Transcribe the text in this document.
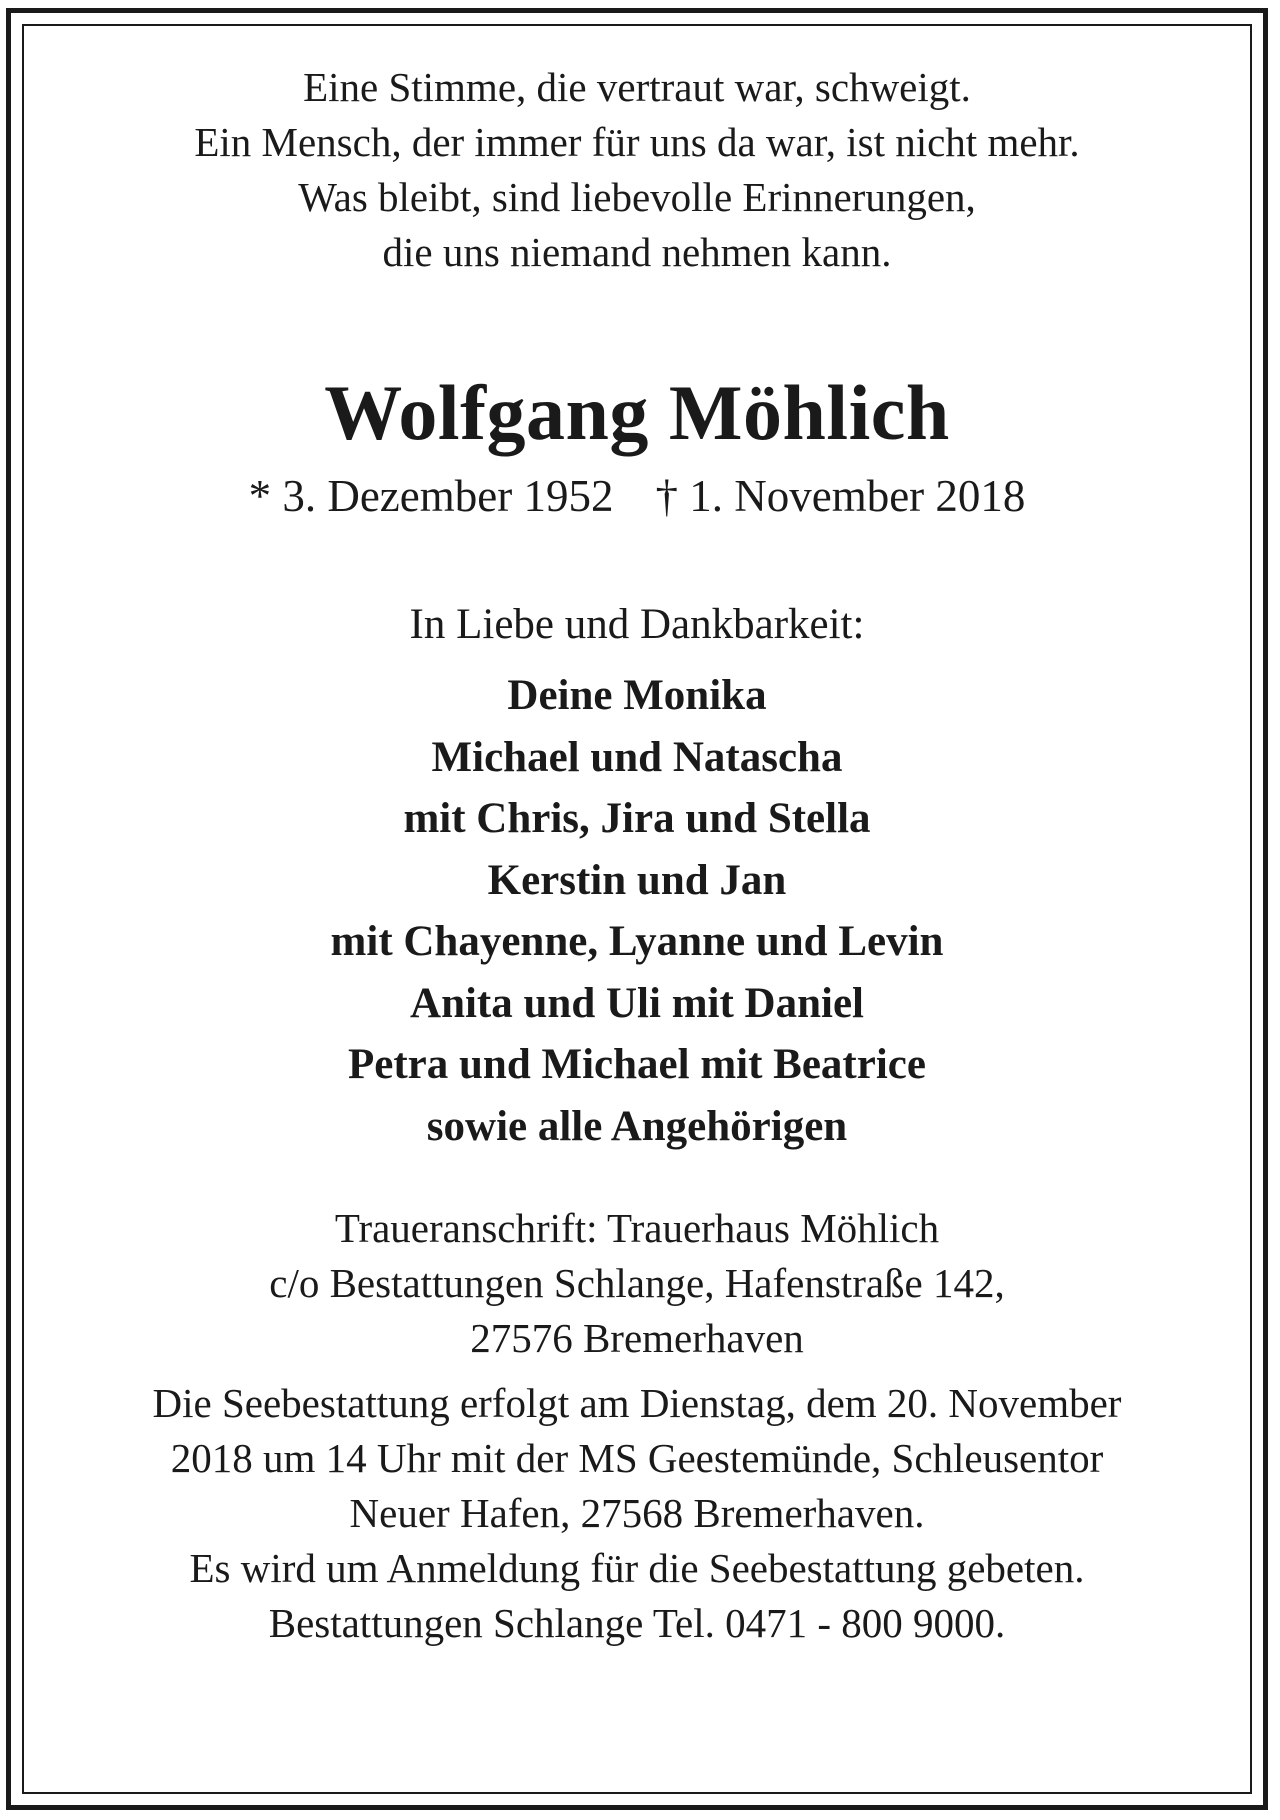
Eine Stimme, die vertraut war, schweigt.
Ein Mensch, der immer für uns da war, ist nicht mehr.
Was bleibt, sind liebevolle Erinnerungen,
die uns niemand nehmen kann.
Wolfgang Möhlich
* 3. Dezember 1952 † 1. November 2018
In Liebe und Dankbarkeit:
Deine Monika
Michael und Natascha
mit Chris, Jira und Stella
Kerstin und Jan
mit Chayenne, Lyanne und Levin
Anita und Uli mit Daniel
Petra und Michael mit Beatrice
sowie alle Angehörigen
Traueranschrift: Trauerhaus Möhlich
c/o Bestattungen Schlange, Hafenstraße 142,
27576 Bremerhaven
Die Seebestattung erfolgt am Dienstag, dem 20. November
2018 um 14 Uhr mit der MS Geestemünde, Schleusentor
Neuer Hafen, 27568 Bremerhaven.
Es wird um Anmeldung für die Seebestattung gebeten.
Bestattungen Schlange Tel. 0471 - 800 9000.
